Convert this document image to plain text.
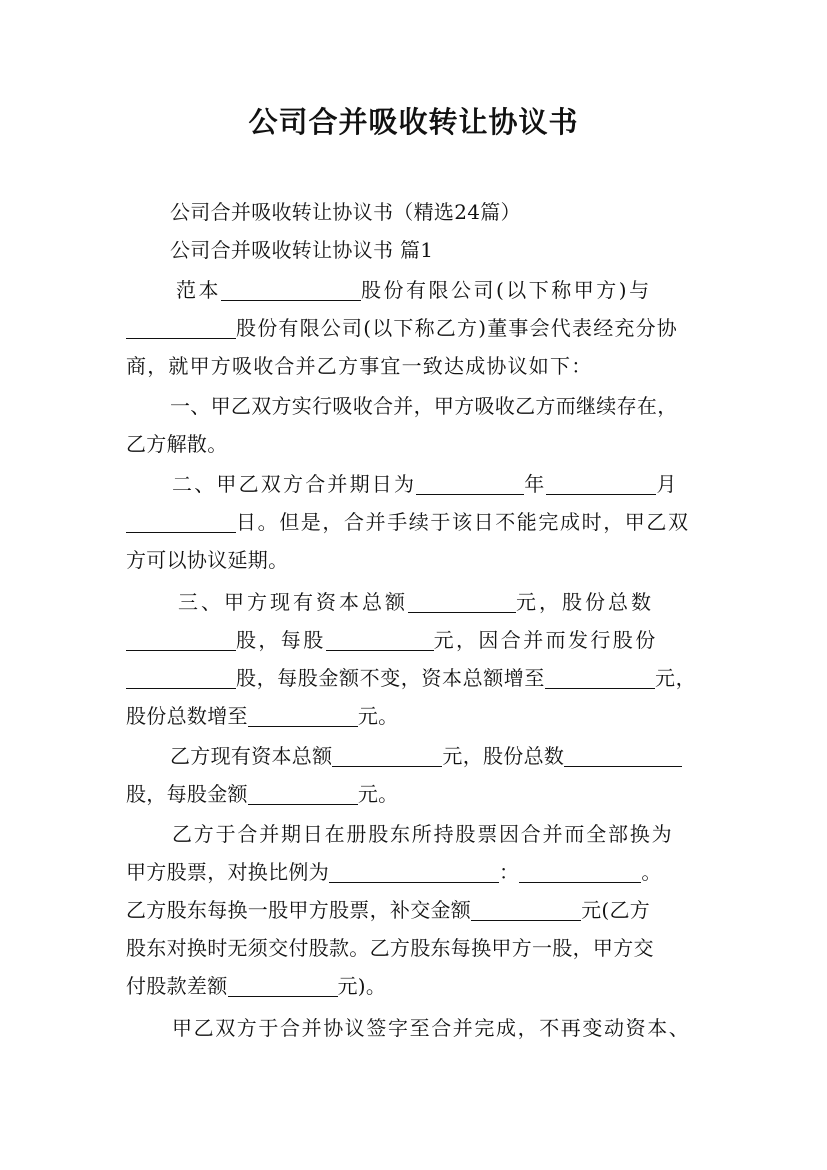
公司合并吸收转让协议书
公司合并吸收转让协议书（精选24篇）
公司合并吸收转让协议书 篇1
范本	股份有限公司(以下称甲方)与
股份有限公司(以下称乙方)董事会代表经充分协
商，就甲方吸收合并乙方事宜一致达成协议如下：
一、甲乙双方实行吸收合并，甲方吸收乙方而继续存在，
乙方解散。
二、甲乙双方合并期日为	年	月
日。但是，合并手续于该日不能完成时，甲乙双
方可以协议延期。
三、甲方现有资本总额	元，股份总数
股，每股	元，因合并而发行股份
股，每股金额不变，资本总额增至	元，
股份总数增至	元。
乙方现有资本总额	元，股份总数
股，每股金额	元。
乙方于合并期日在册股东所持股票因合并而全部换为
甲方股票，对换比例为	：	。
乙方股东每换一股甲方股票，补交金额	元(乙方
股东对换时无须交付股款。乙方股东每换甲方一股，甲方交
付股款差额	元)。
甲乙双方于合并协议签字至合并完成，不再变动资本、
